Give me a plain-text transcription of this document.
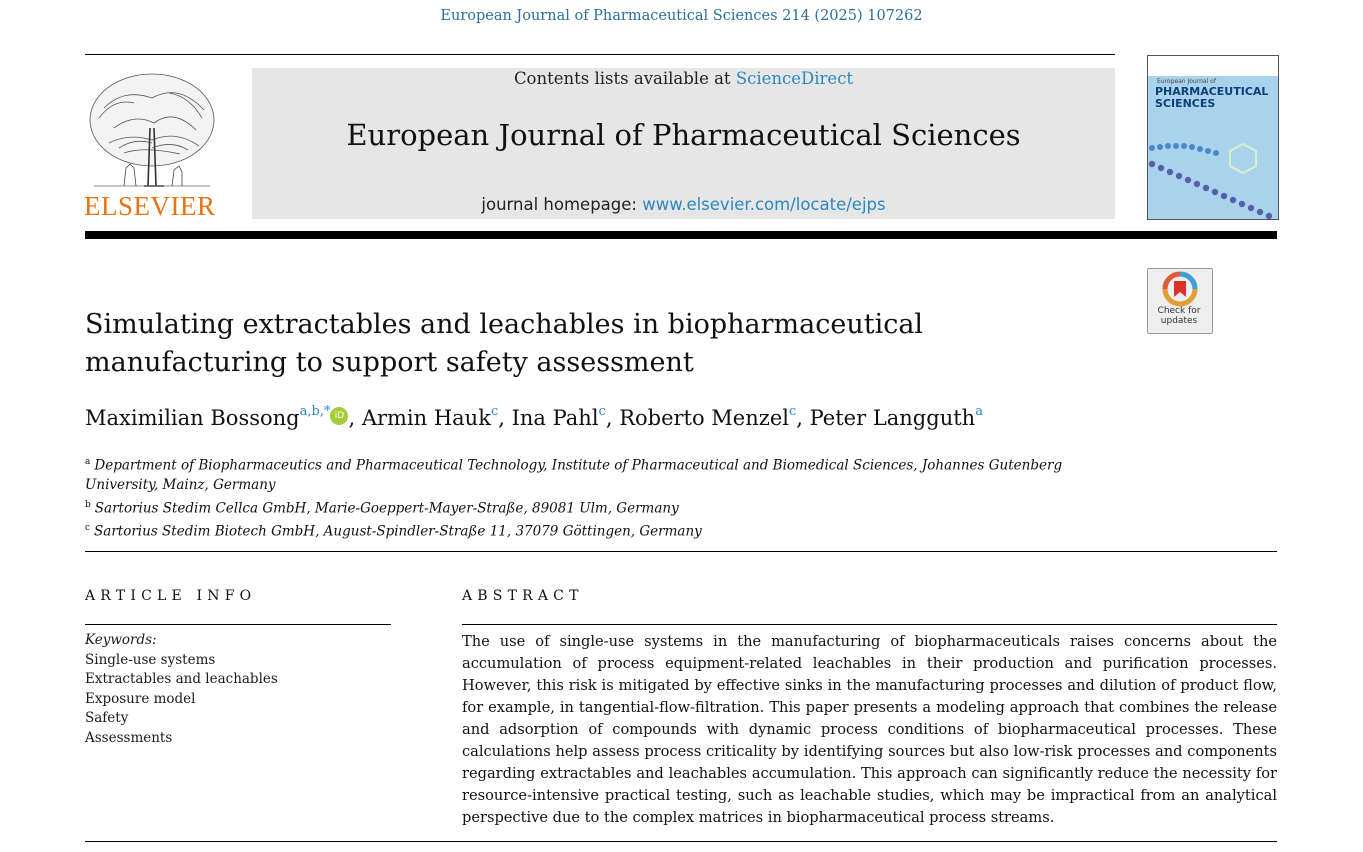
European Journal of Pharmaceutical Sciences 214 (2025) 107262
ELSEVIER
Contents lists available at ScienceDirect
European Journal of Pharmaceutical Sciences
journal homepage: www.elsevier.com/locate/ejps
European Journal of
PHARMACEUTICAL SCIENCES
Check for updates
Simulating extractables and leachables in biopharmaceutical manufacturing to support safety assessment
Maximilian Bossong$^{a,b,*}$ iD , Armin Hauk$^c$, Ina Pahl$^c$, Roberto Menzel$^c$, Peter Langguth$^a$
$^a$ Department of Biopharmaceutics and Pharmaceutical Technology, Institute of Pharmaceutical and Biomedical Sciences, Johannes Gutenberg University, Mainz, Germany
$^b$ Sartorius Stedim Cellca GmbH, Marie-Goeppert-Mayer-Straße, 89081 Ulm, Germany
$^c$ Sartorius Stedim Biotech GmbH, August-Spindler-Straße 11, 37079 Göttingen, Germany
ARTICLE INFO	ABSTRACT
Keywords:
Single-use systems
Extractables and leachables
Exposure model
Safety
Assessments
The use of single-use systems in the manufacturing of biopharmaceuticals raises concerns about the accumulation of process equipment-related leachables in their production and purification processes. However, this risk is mitigated by effective sinks in the manufacturing processes and dilution of product flow, for example, in tangential-flow-filtration. This paper presents a modeling approach that combines the release and adsorption of compounds with dynamic process conditions of biopharmaceutical processes. These calculations help assess process criticality by identifying sources but also low-risk processes and components regarding extractables and leachables accumulation. This approach can significantly reduce the necessity for resource-intensive practical testing, such as leachable studies, which may be impractical from an analytical perspective due to the complex matrices in biopharmaceutical process streams.
